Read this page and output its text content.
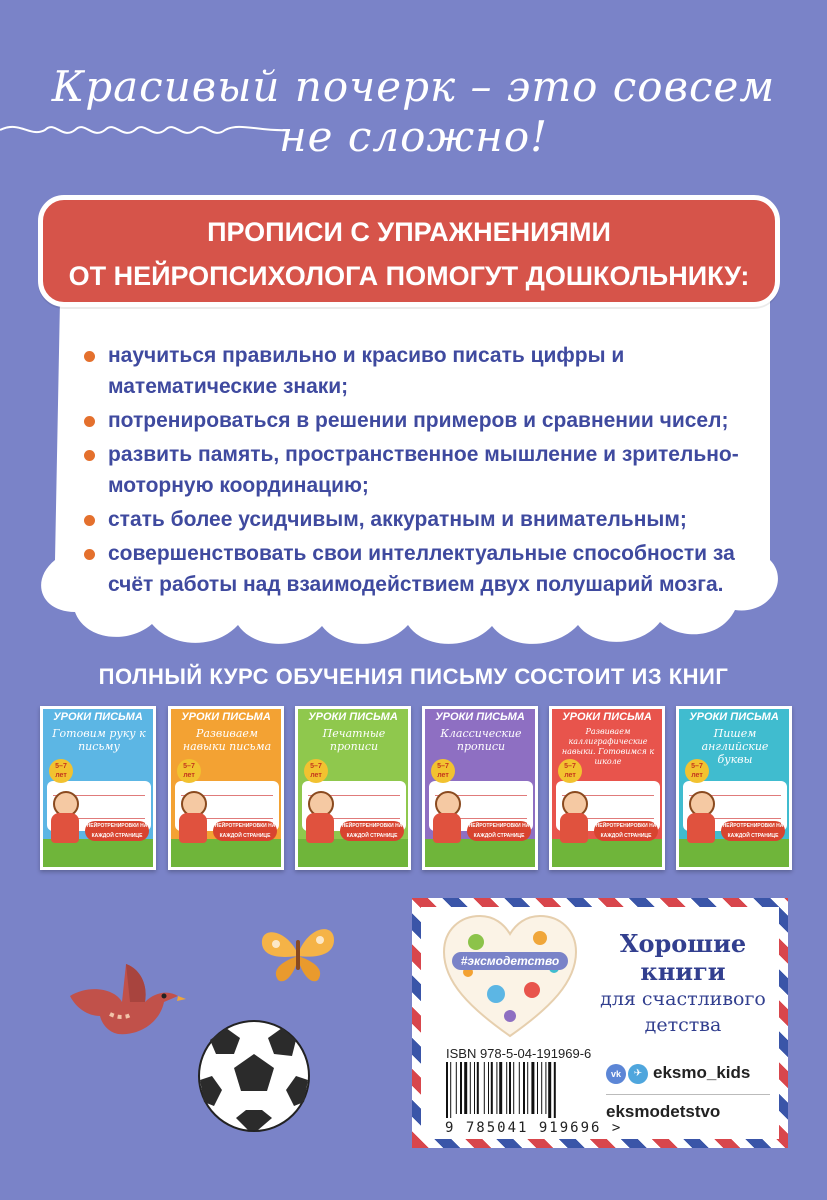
Красивый почерк – это совсем
не сложно!
ПРОПИСИ С УПРАЖНЕНИЯМИ
ОТ НЕЙРОПСИХОЛОГА ПОМОГУТ ДОШКОЛЬНИКУ:
научиться правильно и красиво писать цифры и математические знаки;
потренироваться в решении примеров и сравнении чисел;
развить память, пространственное мышление и зрительно-моторную координацию;
стать более усидчивым, аккуратным и внимательным;
совершенствовать свои интеллектуальные способности за счёт работы над взаимодействием двух полушарий мозга.
ПОЛНЫЙ КУРС ОБУЧЕНИЯ ПИСЬМУ СОСТОИТ ИЗ КНИГ
УРОКИ ПИСЬМА
Готовим руку к письму
5–7 лет
НЕЙРОТРЕНИРОВКИ НА КАЖДОЙ СТРАНИЦЕ
УРОКИ ПИСЬМА
Развиваем навыки письма
5–7 лет
НЕЙРОТРЕНИРОВКИ НА КАЖДОЙ СТРАНИЦЕ
УРОКИ ПИСЬМА
Печатные прописи
5–7 лет
НЕЙРОТРЕНИРОВКИ НА КАЖДОЙ СТРАНИЦЕ
УРОКИ ПИСЬМА
Классические прописи
5–7 лет
НЕЙРОТРЕНИРОВКИ НА КАЖДОЙ СТРАНИЦЕ
УРОКИ ПИСЬМА
Развиваем каллиграфические навыки. Готовимся к школе
5–7 лет
НЕЙРОТРЕНИРОВКИ НА КАЖДОЙ СТРАНИЦЕ
УРОКИ ПИСЬМА
Пишем английские буквы
5–7 лет
НЕЙРОТРЕНИРОВКИ НА КАЖДОЙ СТРАНИЦЕ
#эксмодетство
Хорошие
книги
для счастливого
детства
ISBN 978-5-04-191969-6
9 785041 919696 >
vk	✈ eksmo_kids
eksmodetstvo
